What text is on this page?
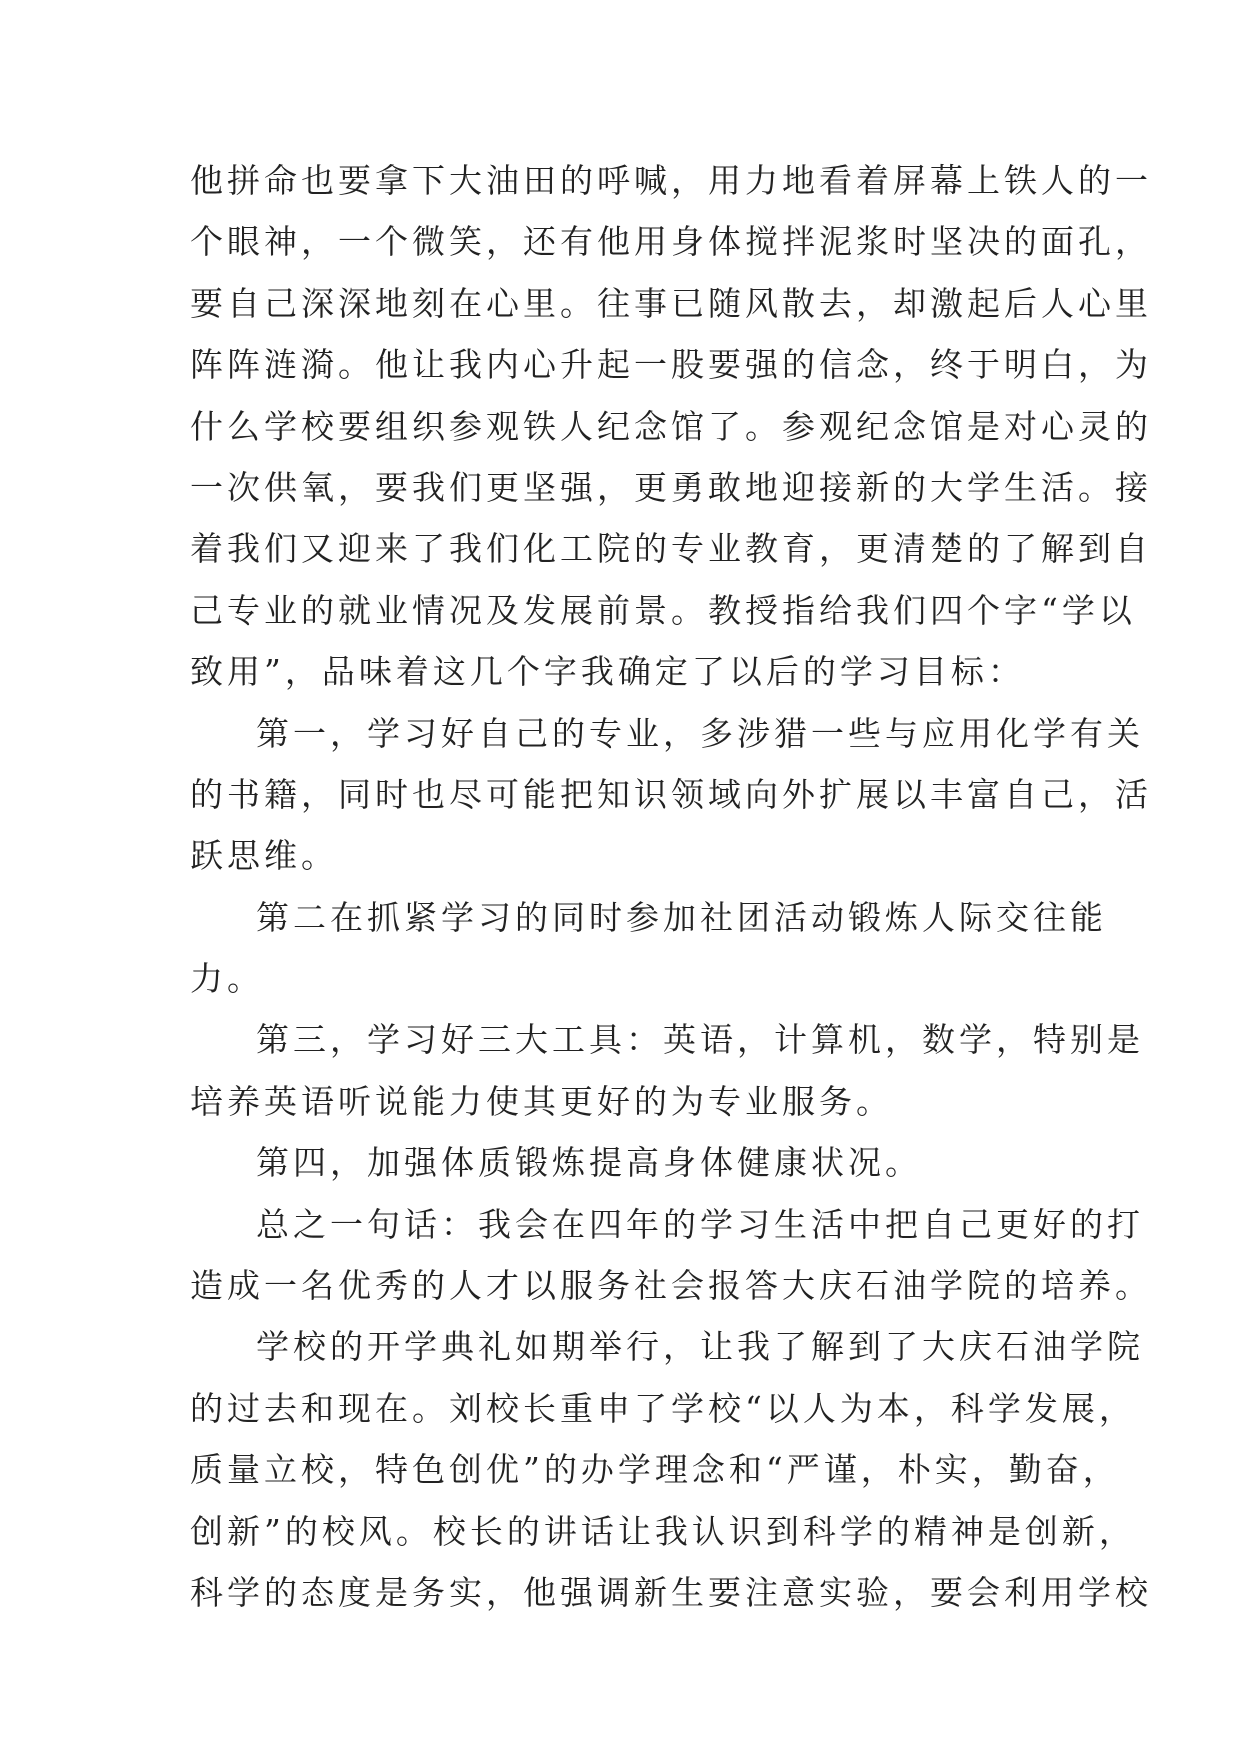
他拼命也要拿下大油田的呼喊，用力地看着屏幕上铁人的一
个眼神，一个微笑，还有他用身体搅拌泥浆时坚决的面孔，
要自己深深地刻在心里。往事已随风散去，却激起后人心里
阵阵涟漪。他让我内心升起一股要强的信念，终于明白，为
什么学校要组织参观铁人纪念馆了。参观纪念馆是对心灵的
一次供氧，要我们更坚强，更勇敢地迎接新的大学生活。接
着我们又迎来了我们化工院的专业教育，更清楚的了解到自
己专业的就业情况及发展前景。教授指给我们四个字“学以
致用”，品味着这几个字我确定了以后的学习目标：
第一，学习好自己的专业，多涉猎一些与应用化学有关
的书籍，同时也尽可能把知识领域向外扩展以丰富自己，活
跃思维。
第二在抓紧学习的同时参加社团活动锻炼人际交往能
力。
第三，学习好三大工具：英语，计算机，数学，特别是
培养英语听说能力使其更好的为专业服务。
第四，加强体质锻炼提高身体健康状况。
总之一句话：我会在四年的学习生活中把自己更好的打
造成一名优秀的人才以服务社会报答大庆石油学院的培养。
学校的开学典礼如期举行，让我了解到了大庆石油学院
的过去和现在。刘校长重申了学校“以人为本，科学发展，
质量立校，特色创优”的办学理念和“严谨，朴实，勤奋，
创新”的校风。校长的讲话让我认识到科学的精神是创新，
科学的态度是务实，他强调新生要注意实验，要会利用学校
